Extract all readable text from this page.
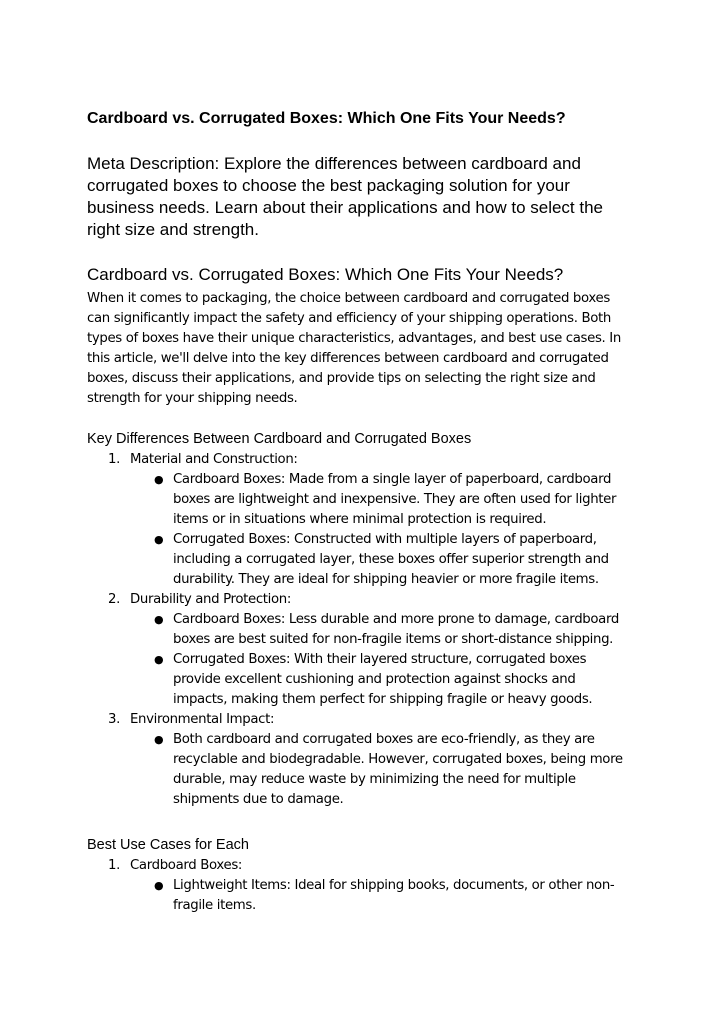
Cardboard vs. Corrugated Boxes: Which One Fits Your Needs?

Meta Description: Explore the differences between cardboard and corrugated boxes to choose the best packaging solution for your business needs. Learn about their applications and how to select the right size and strength.

Cardboard vs. Corrugated Boxes: Which One Fits Your Needs?

When it comes to packaging, the choice between cardboard and corrugated boxes can significantly impact the safety and efficiency of your shipping operations. Both types of boxes have their unique characteristics, advantages, and best use cases. In this article, we'll delve into the key differences between cardboard and corrugated boxes, discuss their applications, and provide tips on selecting the right size and strength for your shipping needs.

Key Differences Between Cardboard and Corrugated Boxes
1. Material and Construction:
● Cardboard Boxes: Made from a single layer of paperboard, cardboard boxes are lightweight and inexpensive. They are often used for lighter items or in situations where minimal protection is required.
● Corrugated Boxes: Constructed with multiple layers of paperboard, including a corrugated layer, these boxes offer superior strength and durability. They are ideal for shipping heavier or more fragile items.
2. Durability and Protection:
● Cardboard Boxes: Less durable and more prone to damage, cardboard boxes are best suited for non-fragile items or short-distance shipping.
● Corrugated Boxes: With their layered structure, corrugated boxes provide excellent cushioning and protection against shocks and impacts, making them perfect for shipping fragile or heavy goods.
3. Environmental Impact:
● Both cardboard and corrugated boxes are eco-friendly, as they are recyclable and biodegradable. However, corrugated boxes, being more durable, may reduce waste by minimizing the need for multiple shipments due to damage.
Best Use Cases for Each
1. Cardboard Boxes:
● Lightweight Items: Ideal for shipping books, documents, or other non-fragile items.
